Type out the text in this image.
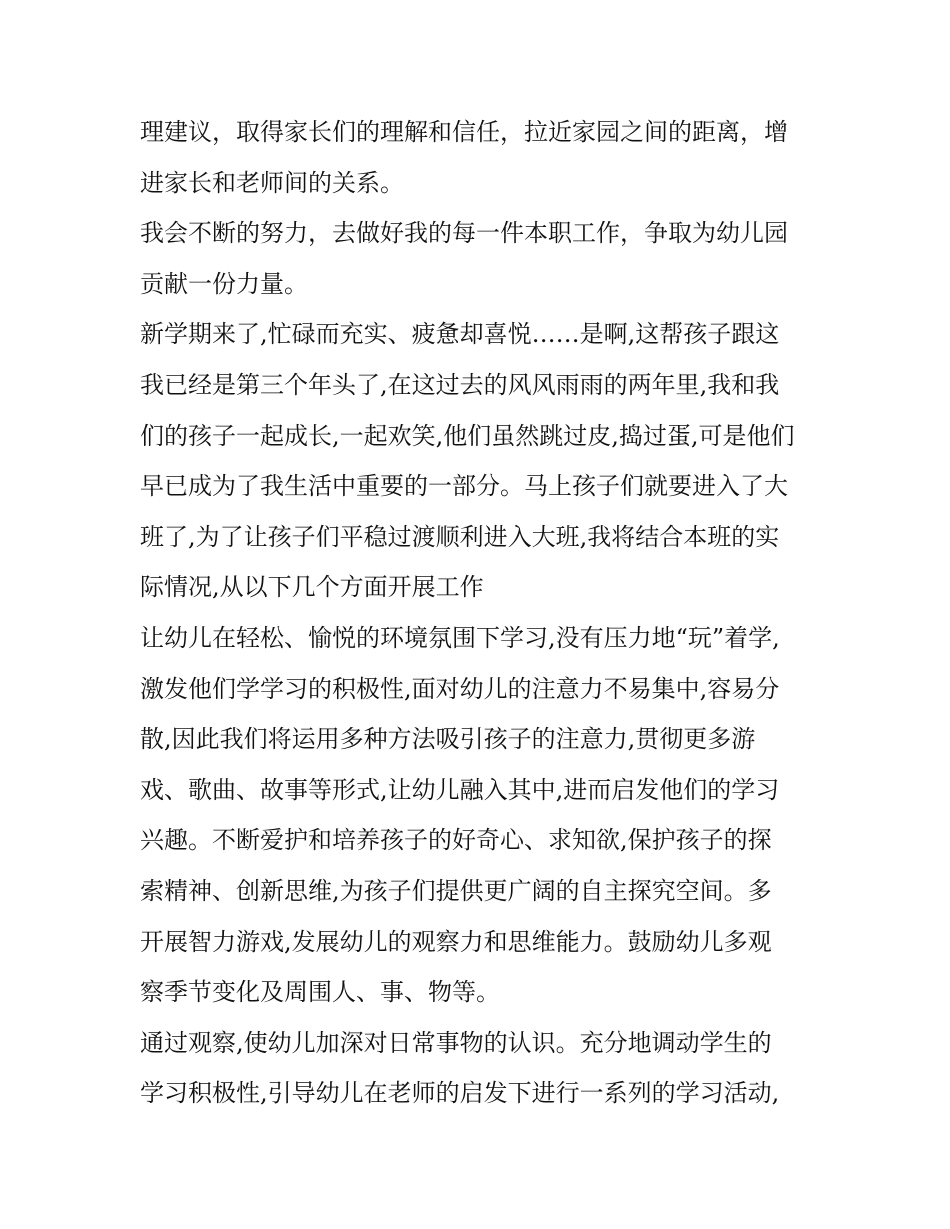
理建议，取得家长们的理解和信任，拉近家园之间的距离，增
进家长和老师间的关系。
我会不断的努力，去做好我的每一件本职工作，争取为幼儿园
贡献一份力量。
新学期来了,忙碌而充实、疲惫却喜悦……是啊,这帮孩子跟这
我已经是第三个年头了,在这过去的风风雨雨的两年里,我和我
们的孩子一起成长,一起欢笑,他们虽然跳过皮,捣过蛋,可是他们
早已成为了我生活中重要的一部分。马上孩子们就要进入了大
班了,为了让孩子们平稳过渡顺利进入大班,我将结合本班的实
际情况,从以下几个方面开展工作
让幼儿在轻松、愉悦的环境氛围下学习,没有压力地“玩”着学,
激发他们学学习的积极性,面对幼儿的注意力不易集中,容易分
散,因此我们将运用多种方法吸引孩子的注意力,贯彻更多游
戏、歌曲、故事等形式,让幼儿融入其中,进而启发他们的学习
兴趣。不断爱护和培养孩子的好奇心、求知欲,保护孩子的探
索精神、创新思维,为孩子们提供更广阔的自主探究空间。多
开展智力游戏,发展幼儿的观察力和思维能力。鼓励幼儿多观
察季节变化及周围人、事、物等。
通过观察,使幼儿加深对日常事物的认识。充分地调动学生的
学习积极性,引导幼儿在老师的启发下进行一系列的学习活动,
